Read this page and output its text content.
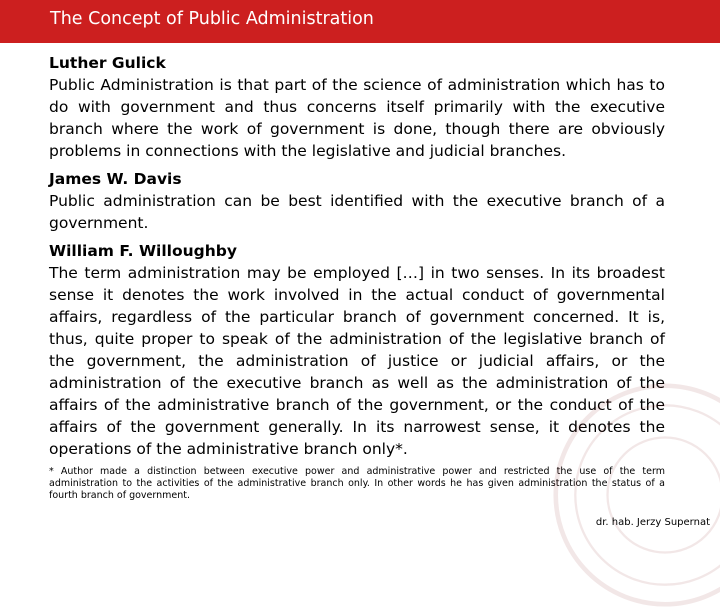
The Concept of Public Administration
Luther Gulick
Public Administration is that part of the science of administration which has to do with government and thus concerns itself primarily with the executive branch where the work of government is done, though there are obviously problems in connections with the legislative and judicial branches.
James W. Davis
Public administration can be best identified with the executive branch of a government.
William F. Willoughby
The term administration may be employed […] in two senses. In its broadest sense it denotes the work involved in the actual conduct of governmental affairs, regardless of the particular branch of government concerned. It is, thus, quite proper to speak of the administration of the legislative branch of the government, the administration of justice or judicial affairs, or the administration of the executive branch as well as the administration of the affairs of the administrative branch of the government, or the conduct of the affairs of the government generally. In its narrowest sense, it denotes the operations of the administrative branch only*.
* Author made a distinction between executive power and administrative power and restricted the use of the term administration to the activities of the administrative branch only. In other words he has given administration the status of a fourth branch of government.
dr. hab. Jerzy Supernat
